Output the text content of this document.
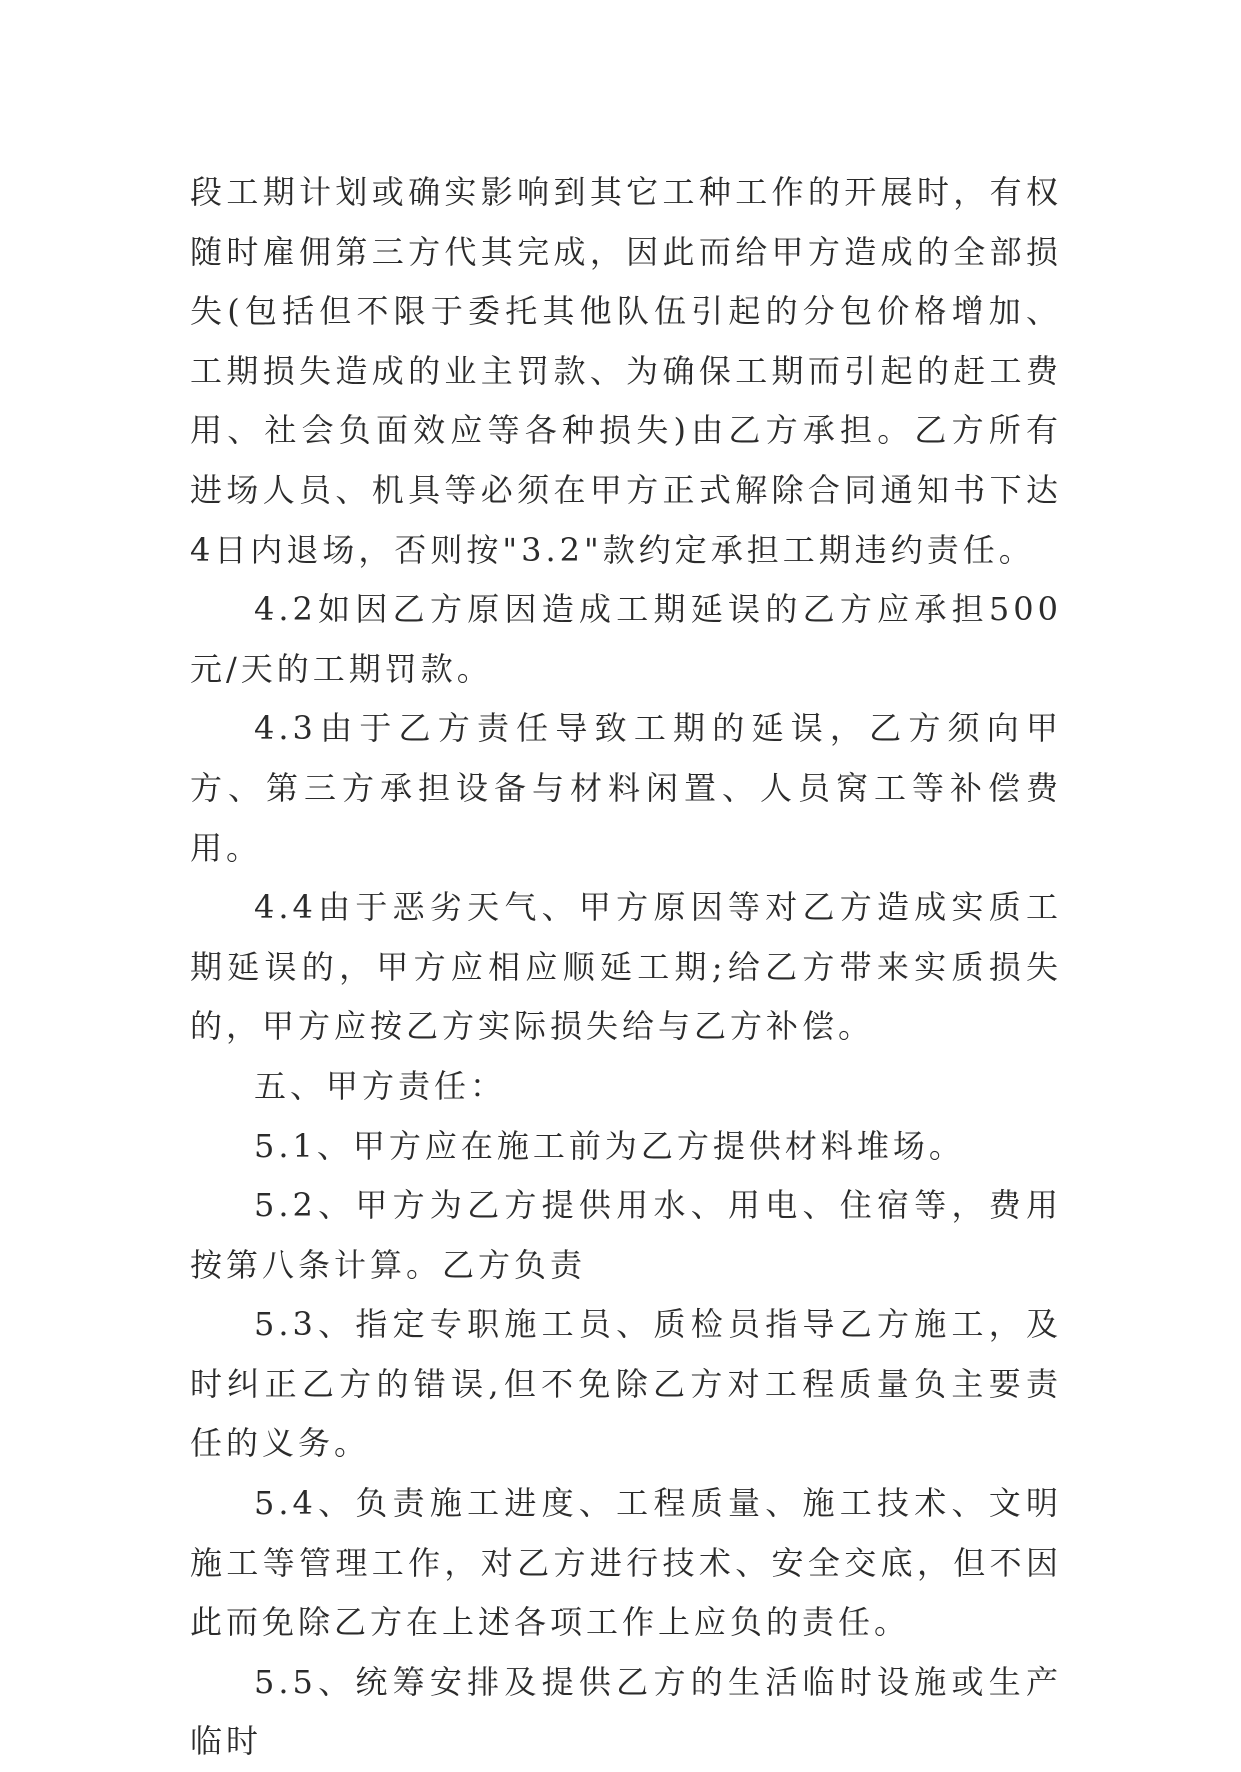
段工期计划或确实影响到其它工种工作的开展时，有权随时雇佣第三方代其完成，因此而给甲方造成的全部损失(包括但不限于委托其他队伍引起的分包价格增加、工期损失造成的业主罚款、为确保工期而引起的赶工费用、社会负面效应等各种损失)由乙方承担。乙方所有进场人员、机具等必须在甲方正式解除合同通知书下达4日内退场，否则按"3.2"款约定承担工期违约责任。

4.2如因乙方原因造成工期延误的乙方应承担500元/天的工期罚款。

4.3由于乙方责任导致工期的延误，乙方须向甲方、第三方承担设备与材料闲置、人员窝工等补偿费用。

4.4由于恶劣天气、甲方原因等对乙方造成实质工期延误的，甲方应相应顺延工期;给乙方带来实质损失的，甲方应按乙方实际损失给与乙方补偿。

五、甲方责任：

5.1、甲方应在施工前为乙方提供材料堆场。

5.2、甲方为乙方提供用水、用电、住宿等，费用按第八条计算。乙方负责

5.3、指定专职施工员、质检员指导乙方施工，及时纠正乙方的错误,但不免除乙方对工程质量负主要责任的义务。

5.4、负责施工进度、工程质量、施工技术、文明施工等管理工作，对乙方进行技术、安全交底，但不因此而免除乙方在上述各项工作上应负的责任。

5.5、统筹安排及提供乙方的生活临时设施或生产临时
